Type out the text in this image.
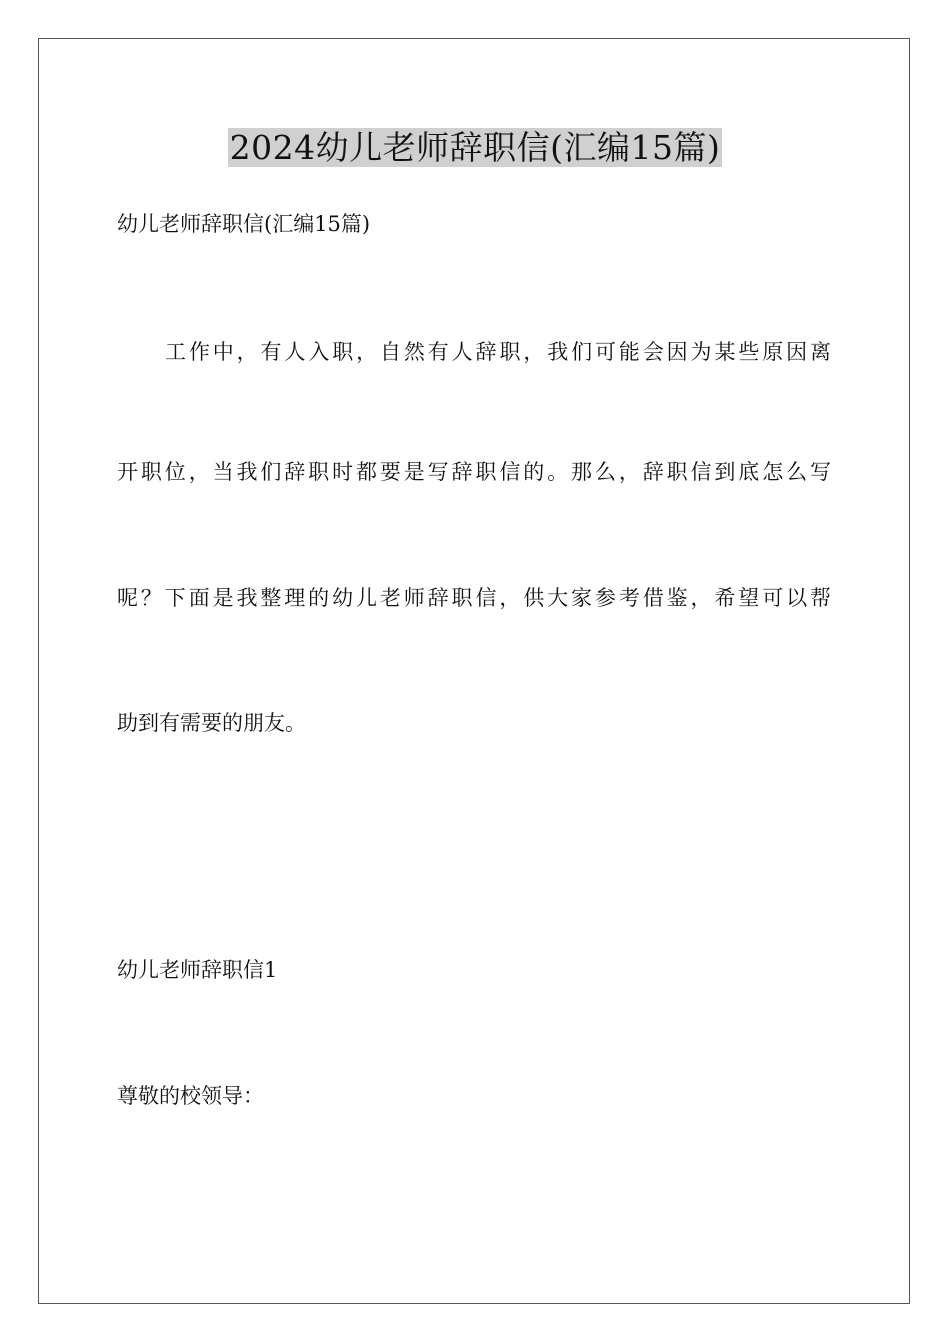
2024幼儿老师辞职信(汇编15篇)
幼儿老师辞职信(汇编15篇)
工作中，有人入职，自然有人辞职，我们可能会因为某些原因离
开职位，当我们辞职时都要是写辞职信的。那么，辞职信到底怎么写
呢？下面是我整理的幼儿老师辞职信，供大家参考借鉴，希望可以帮
助到有需要的朋友。
幼儿老师辞职信1
尊敬的校领导：
